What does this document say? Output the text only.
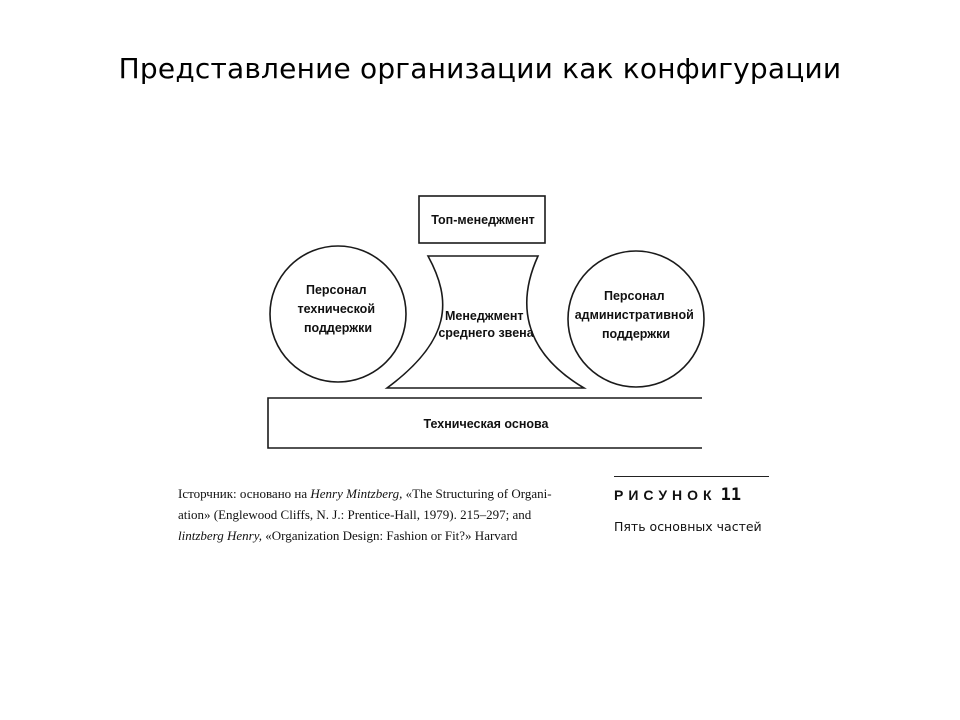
Представление организации как конфигурации
Топ-менеджмент
Менеджмент среднего звена
Персонал технической поддержки
Персонал административной поддержки
Техническая основа
Історчник: основано на Henry Mintzberg, «The Structuring of Organi-
ation» (Englewood Cliffs, N. J.: Prentice-Hall, 1979). 215–297; and
lintzberg Henry, «Organization Design: Fashion or Fit?» Harvard
РИСУНОК 11
Пять основных частей
